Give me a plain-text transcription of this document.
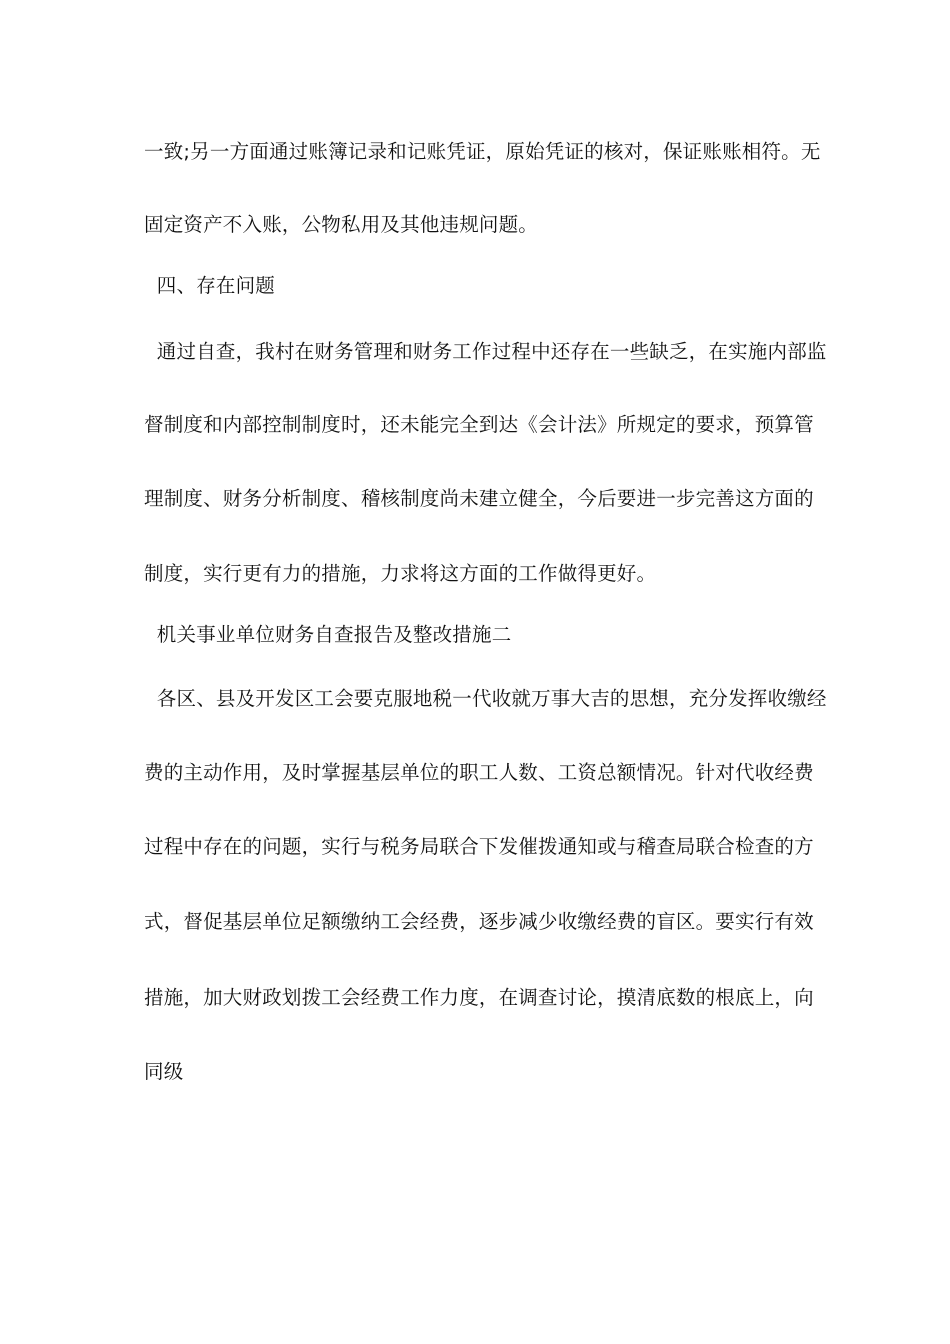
一致;另一方面通过账簿记录和记账凭证，原始凭证的核对，保证账账相符。无
固定资产不入账，公物私用及其他违规问题。
四、存在问题
通过自查，我村在财务管理和财务工作过程中还存在一些缺乏，在实施内部监
督制度和内部控制制度时，还未能完全到达《会计法》所规定的要求，预算管
理制度、财务分析制度、稽核制度尚未建立健全，今后要进一步完善这方面的
制度，实行更有力的措施，力求将这方面的工作做得更好。
机关事业单位财务自查报告及整改措施二
各区、县及开发区工会要克服地税一代收就万事大吉的思想，充分发挥收缴经
费的主动作用，及时掌握基层单位的职工人数、工资总额情况。针对代收经费
过程中存在的问题，实行与税务局联合下发催拨通知或与稽查局联合检查的方
式，督促基层单位足额缴纳工会经费，逐步减少收缴经费的盲区。要实行有效
措施，加大财政划拨工会经费工作力度，在调查讨论，摸清底数的根底上，向
同级
